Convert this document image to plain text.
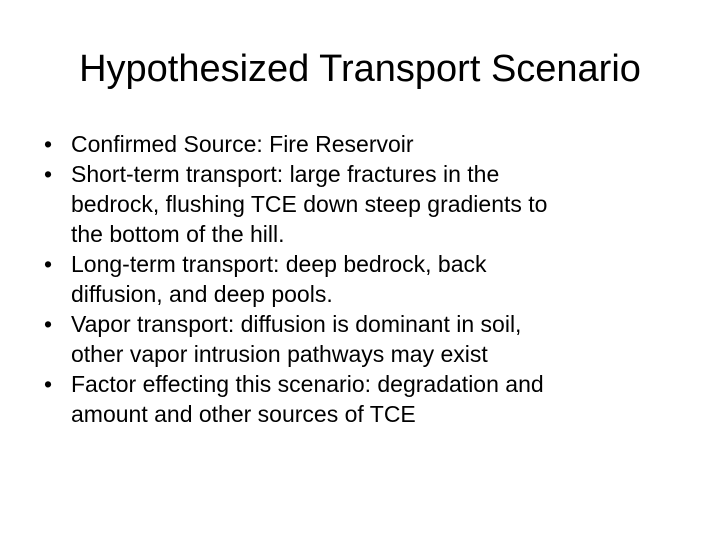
Hypothesized Transport Scenario
• Confirmed Source: Fire Reservoir
• Short-term transport: large fractures in the
bedrock, flushing TCE down steep gradients to
the bottom of the hill.
• Long-term transport: deep bedrock, back
diffusion, and deep pools.
• Vapor transport: diffusion is dominant in soil,
other vapor intrusion pathways may exist
• Factor effecting this scenario: degradation and
amount and other sources of TCE
